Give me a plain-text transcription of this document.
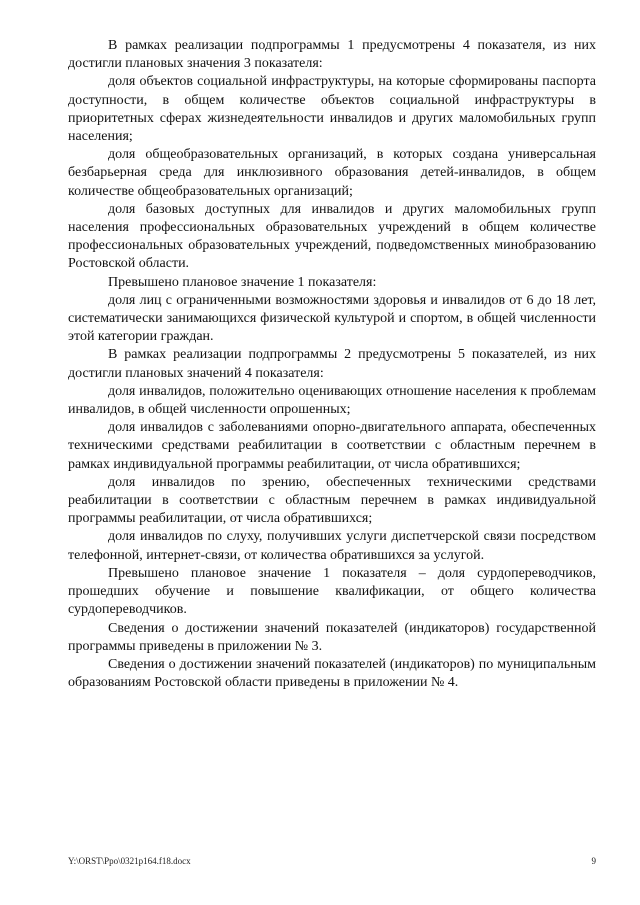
В рамках реализации подпрограммы 1 предусмотрены 4 показателя, из них достигли плановых значения 3 показателя:

доля объектов социальной инфраструктуры, на которые сформированы паспорта доступности, в общем количестве объектов социальной инфраструктуры в приоритетных сферах жизнедеятельности инвалидов и других маломобильных групп населения;

доля общеобразовательных организаций, в которых создана универсальная безбарьерная среда для инклюзивного образования детей-инвалидов, в общем количестве общеобразовательных организаций;

доля базовых доступных для инвалидов и других маломобильных групп населения профессиональных образовательных учреждений в общем количестве профессиональных образовательных учреждений, подведомственных минобразованию Ростовской области.

Превышено плановое значение 1 показателя:

доля лиц с ограниченными возможностями здоровья и инвалидов от 6 до 18 лет, систематически занимающихся физической культурой и спортом, в общей численности этой категории граждан.

В рамках реализации подпрограммы 2 предусмотрены 5 показателей, из них достигли плановых значений 4 показателя:

доля инвалидов, положительно оценивающих отношение населения к проблемам инвалидов, в общей численности опрошенных;

доля инвалидов с заболеваниями опорно-двигательного аппарата, обеспеченных техническими средствами реабилитации в соответствии с областным перечнем в рамках индивидуальной программы реабилитации, от числа обратившихся;

доля инвалидов по зрению, обеспеченных техническими средствами реабилитации в соответствии с областным перечнем в рамках индивидуальной программы реабилитации, от числа обратившихся;

доля инвалидов по слуху, получивших услуги диспетчерской связи посредством телефонной, интернет-связи, от количества обратившихся за услугой.

Превышено плановое значение 1 показателя – доля сурдопереводчиков, прошедших обучение и повышение квалификации, от общего количества сурдопереводчиков.

Сведения о достижении значений показателей (индикаторов) государственной программы приведены в приложении № 3.

Сведения о достижении значений показателей (индикаторов) по муниципальным образованиям Ростовской области приведены в приложении № 4.

Y:\ORST\Ppo\0321p164.f18.docx	9
